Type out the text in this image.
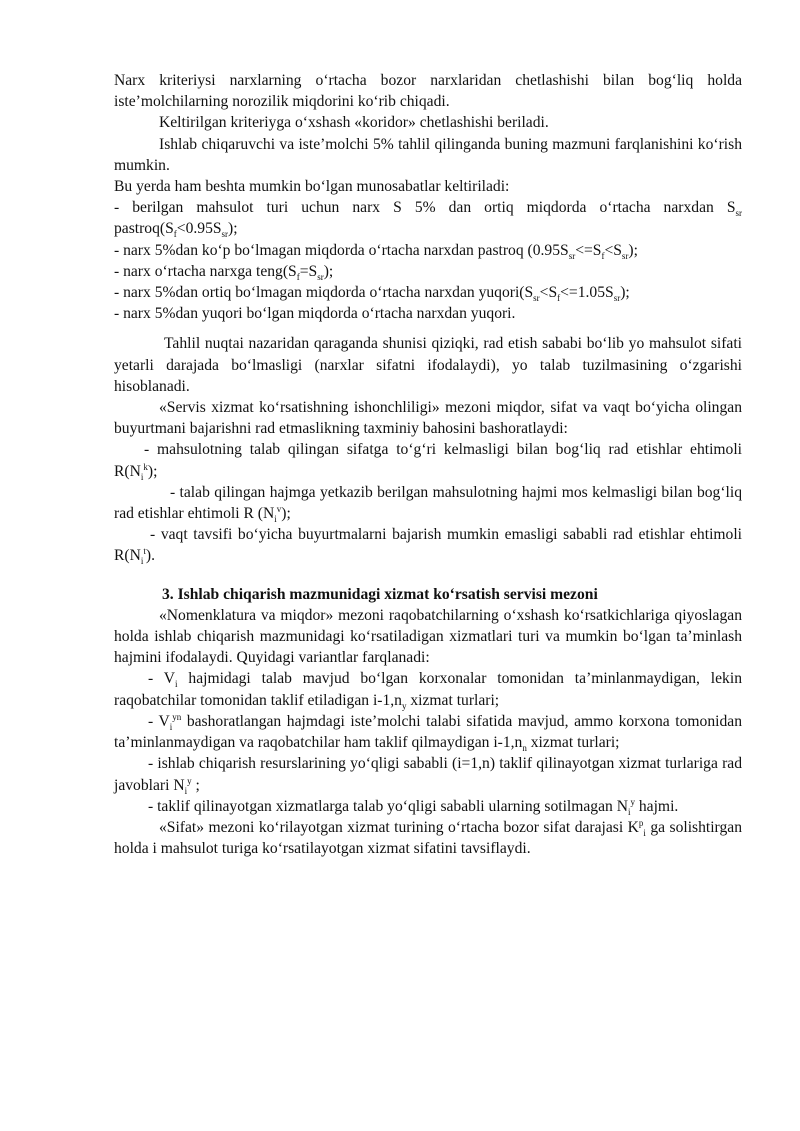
Narx kriteriysi narxlarning o‘rtacha bozor narxlaridan chetlashishi bilan bog‘liq holda iste’molchilarning norozilik miqdorini ko‘rib chiqadi.

Keltirilgan kriteriyga o‘xshash «koridor» chetlashishi beriladi.

Ishlab chiqaruvchi va iste’molchi 5% tahlil qilinganda buning mazmuni farqlanishini ko‘rish mumkin.

Bu yerda ham beshta mumkin bo‘lgan munosabatlar keltiriladi:

- berilgan mahsulot turi uchun narx S 5% dan ortiq miqdorda o‘rtacha narxdan $S_{sr}$ $pastroq(S_f<0.95S_{sr})$;

- narx 5%dan ko‘p bo‘lmagan miqdorda o‘rtacha narxdan pastroq $(0.95S_{sr}<=S_f<S_{sr})$;

- narx o‘rtacha narxga $teng(S_f=S_{sr})$;

- narx 5%dan ortiq bo‘lmagan miqdorda o‘rtacha narxdan $yuqori(S_{sr}<S_f<=1.05S_{sr})$;

- narx 5%dan yuqori bo‘lgan miqdorda o‘rtacha narxdan yuqori.

Tahlil nuqtai nazaridan qaraganda shunisi qiziqki, rad etish sababi bo‘lib yo mahsulot sifati yetarli darajada bo‘lmasligi (narxlar sifatni ifodalaydi), yo talab tuzilmasining o‘zgarishi hisoblanadi.

«Servis xizmat ko‘rsatishning ishonchliligi» mezoni miqdor, sifat va vaqt bo‘yicha olingan buyurtmani bajarishni rad etmaslikning taxminiy bahosini bashoratlaydi:

- mahsulotning talab qilingan sifatga to‘g‘ri kelmasligi bilan bog‘liq rad etishlar ehtimoli $R(N_i^k)$;

- talab qilingan hajmga yetkazib berilgan mahsulotning hajmi mos kelmasligi bilan bog‘liq rad etishlar ehtimoli R $(N_i^v)$;

- vaqt tavsifi bo‘yicha buyurtmalarni bajarish mumkin emasligi sababli rad etishlar ehtimoli $R(N_i^t)$.

3. Ishlab chiqarish mazmunidagi xizmat ko‘rsatish servisi mezoni

«Nomenklatura va miqdor» mezoni raqobatchilarning o‘xshash ko‘rsatkichlariga qiyoslagan holda ishlab chiqarish mazmunidagi ko‘rsatiladigan xizmatlari turi va mumkin bo‘lgan ta’minlash hajmini ifodalaydi. Quyidagi variantlar farqlanadi:

- $V_i$ hajmidagi talab mavjud bo‘lgan korxonalar tomonidan ta’minlanmaydigan, lekin raqobatchilar tomonidan taklif etiladigan $i-1,n_y$ xizmat turlari;

- $V_i^{yn}$ bashoratlangan hajmdagi iste’molchi talabi sifatida mavjud, ammo korxona tomonidan ta’minlanmaydigan va raqobatchilar ham taklif qilmaydigan $i-1,n_n$ xizmat turlari;

- ishlab chiqarish resurslarining yo‘qligi sababli (i=1,n) taklif qilinayotgan xizmat turlariga rad javoblari $N_i^y$ ;

- taklif qilinayotgan xizmatlarga talab yo‘qligi sababli ularning sotilmagan $N_i^y$ hajmi.

«Sifat» mezoni ko‘rilayotgan xizmat turining o‘rtacha bozor sifat darajasi $K^p_i$ ga solishtirgan holda i mahsulot turiga ko‘rsatilayotgan xizmat sifatini tavsiflaydi.
